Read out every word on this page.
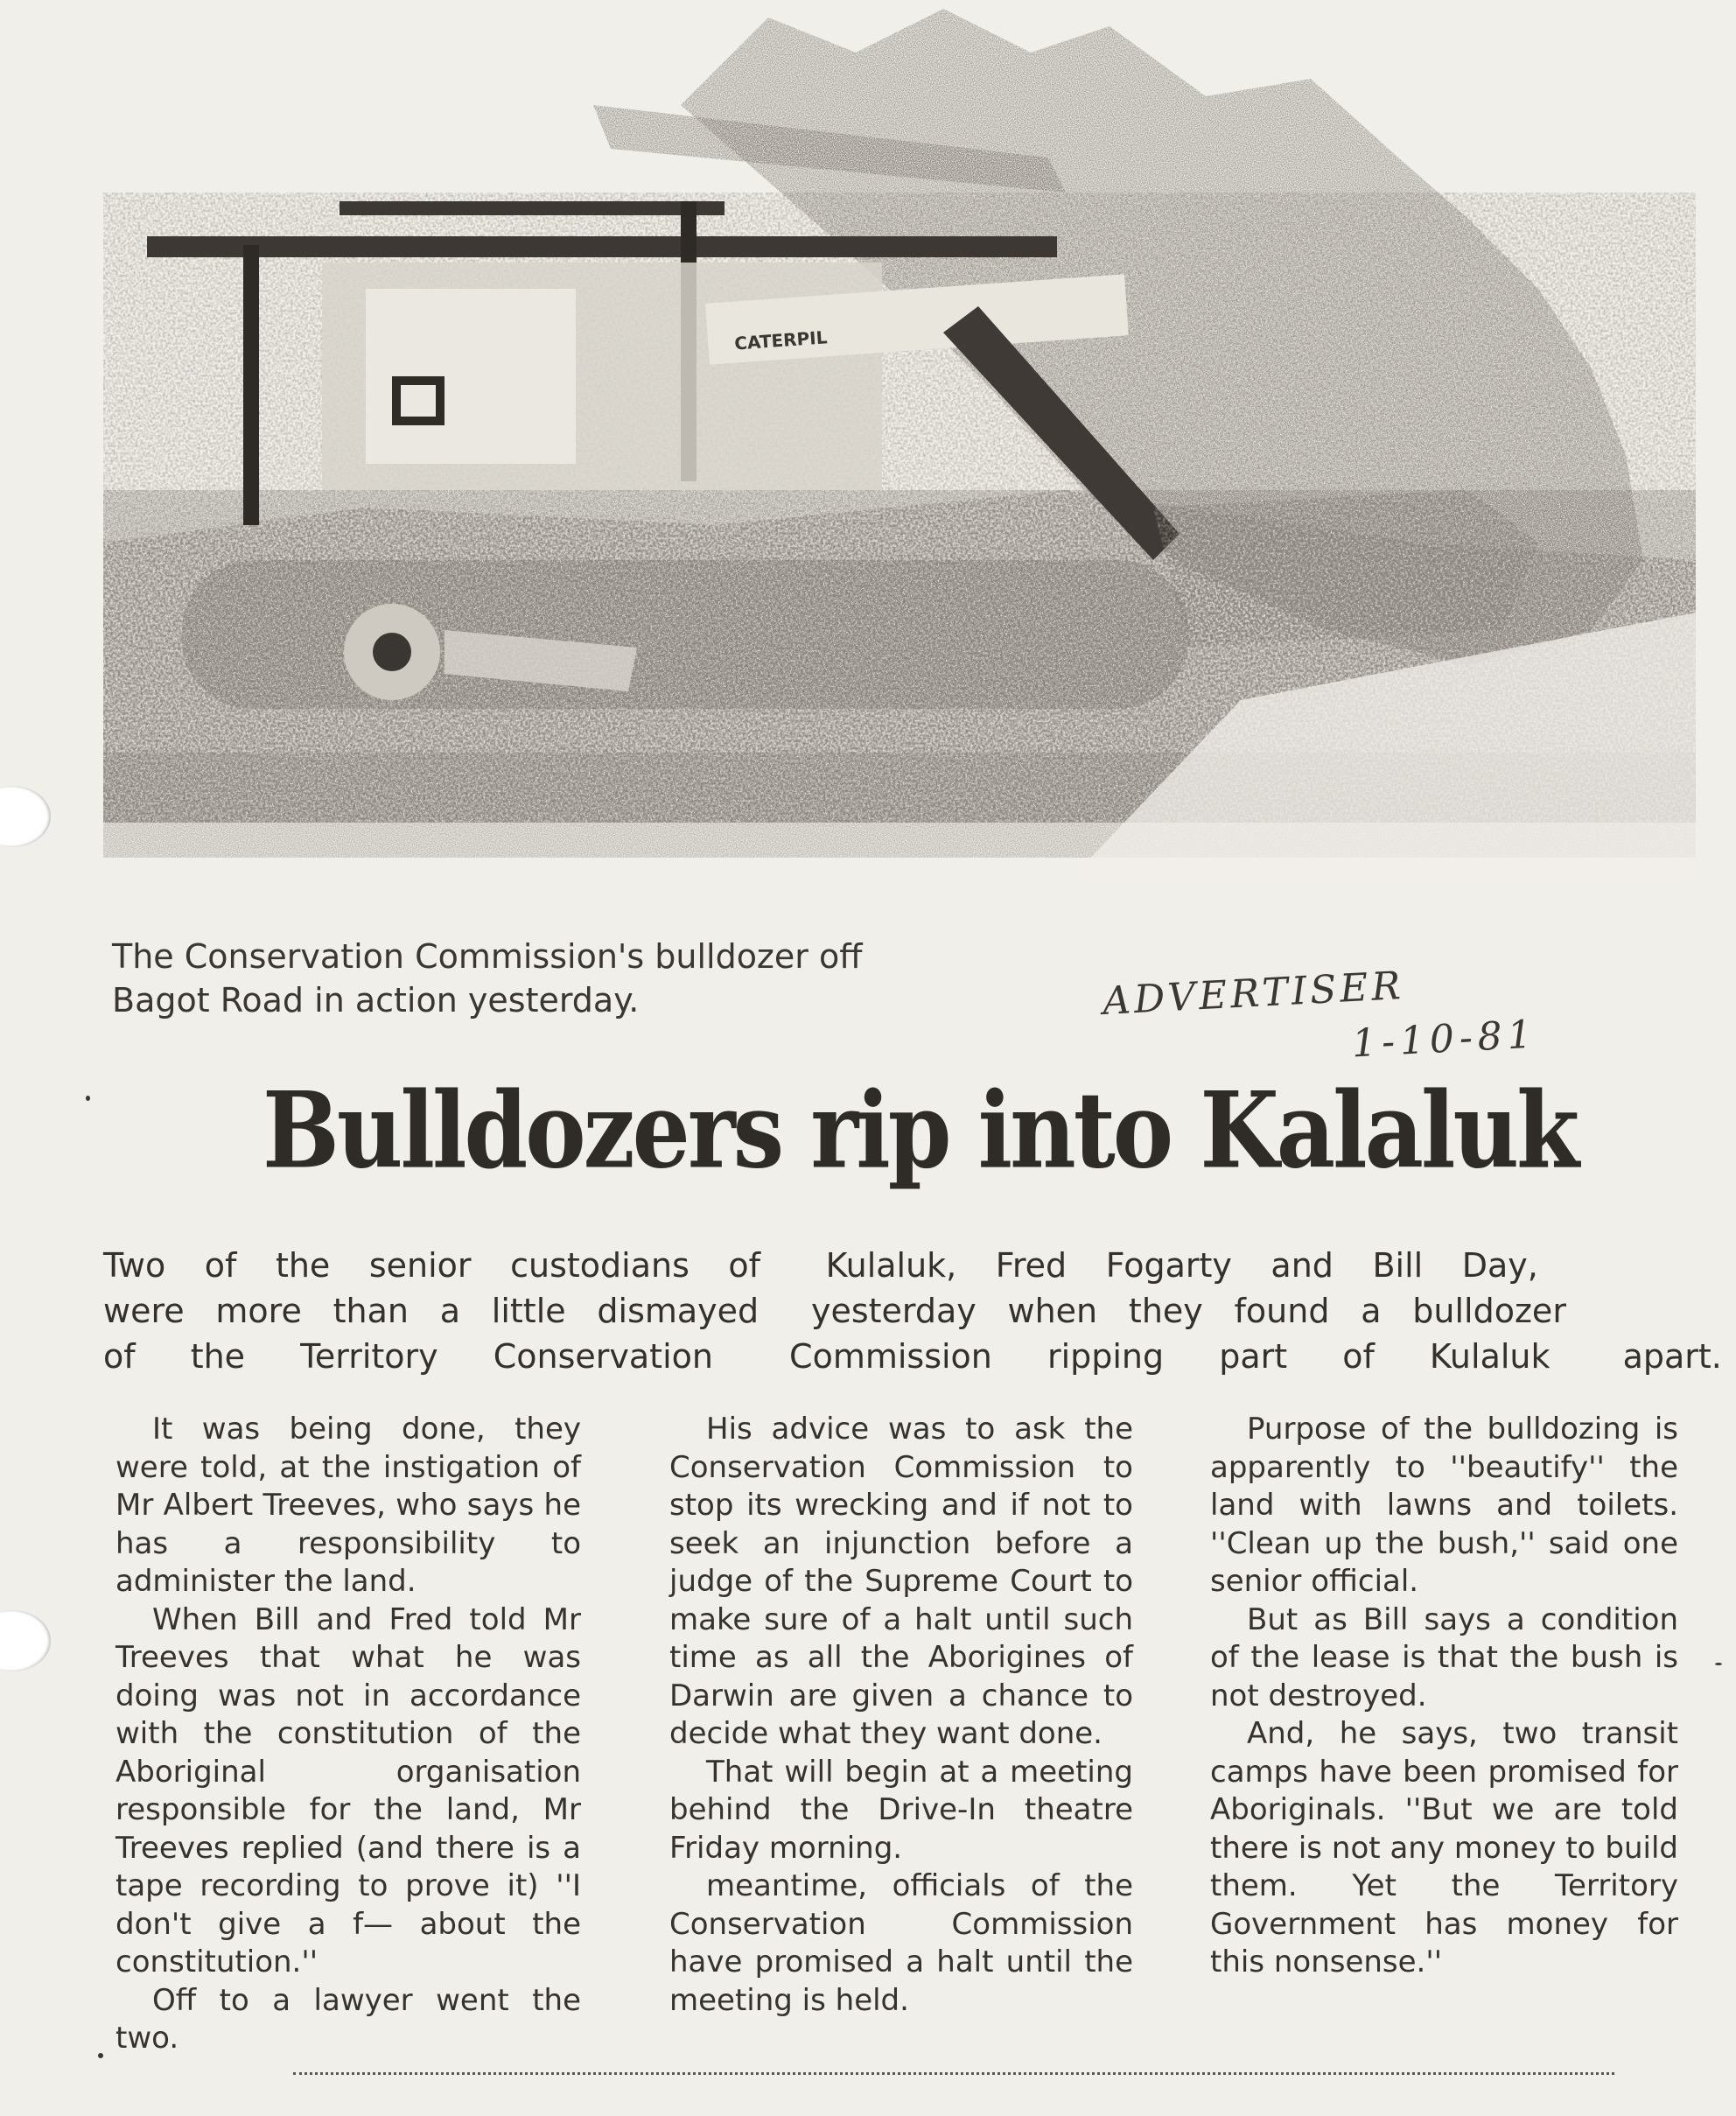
CATERPIL
The Conservation Commission's bulldozer off
Bagot Road in action yesterday.	ADVERTISER
1-10-81
Bulldozers rip into Kalaluk
Two of the senior custodians of Kulaluk, Fred Fogarty and Bill Day,
were more than a little dismayed yesterday when they found a bulldozer
of the Territory Conservation Commission ripping part of Kulaluk apart.

It was being done, they were told, at the instigation of Mr Albert Treeves, who says he has a responsibility to administer the land.

When Bill and Fred told Mr Treeves that what he was doing was not in accordance with the constitution of the Aboriginal organisation responsible for the land, Mr Treeves replied (and there is a tape recording to prove it) ''I don't give a f— about the constitution.''

Off to a lawyer went the two.

His advice was to ask the Conservation Commission to stop its wrecking and if not to seek an injunction before a judge of the Supreme Court to make sure of a halt until such time as all the Aborigines of Darwin are given a chance to decide what they want done.

That will begin at a meeting behind the Drive-In theatre Friday morning.

meantime, officials of the Conservation Commission have promised a halt until the meeting is held.

Purpose of the bulldozing is apparently to ''beautify'' the land with lawns and toilets. ''Clean up the bush,'' said one senior official.

But as Bill says a condition of the lease is that the bush is not destroyed.

And, he says, two transit camps have been promised for Aboriginals. ''But we are told there is not any money to build them. Yet the Territory Government has money for this nonsense.''
